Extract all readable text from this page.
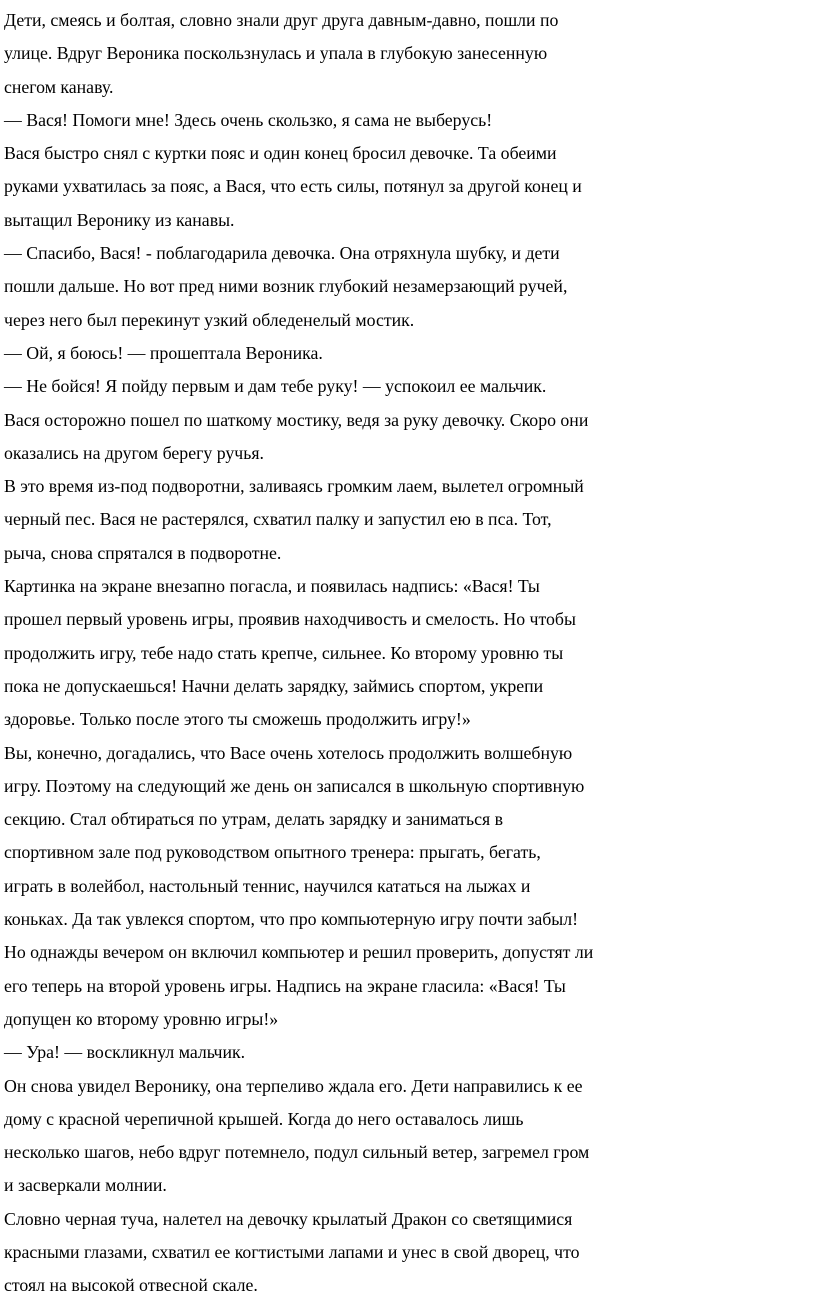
Дети, смеясь и болтая, словно знали друг друга давным-давно, пошли по
улице. Вдруг Вероника поскользнулась и упала в глубокую занесенную
снегом канаву.
— Вася! Помоги мне! Здесь очень скользко, я сама не выберусь!
Вася быстро снял с куртки пояс и один конец бросил девочке. Та обеими
руками ухватилась за пояс, а Вася, что есть силы, потянул за другой конец и
вытащил Веронику из канавы.
— Спасибо, Вася! - поблагодарила девочка. Она отряхнула шубку, и дети
пошли дальше. Но вот пред ними возник глубокий незамерзающий ручей,
через него был перекинут узкий обледенелый мостик.
— Ой, я боюсь! — прошептала Вероника.
— Не бойся! Я пойду первым и дам тебе руку! — успокоил ее мальчик.
Вася осторожно пошел по шаткому мостику, ведя за руку девочку. Скоро они
оказались на другом берегу ручья.
В это время из-под подворотни, заливаясь громким лаем, вылетел огромный
черный пес. Вася не растерялся, схватил палку и запустил ею в пса. Тот,
рыча, снова спрятался в подворотне.
Картинка на экране внезапно погасла, и появилась надпись: «Вася! Ты
прошел первый уровень игры, проявив находчивость и смелость. Но чтобы
продолжить игру, тебе надо стать крепче, сильнее. Ко второму уровню ты
пока не допускаешься! Начни делать зарядку, займись спортом, укрепи
здоровье. Только после этого ты сможешь продолжить игру!»
Вы, конечно, догадались, что Васе очень хотелось продолжить волшебную
игру. Поэтому на следующий же день он записался в школьную спортивную
секцию. Стал обтираться по утрам, делать зарядку и заниматься в
спортивном зале под руководством опытного тренера: прыгать, бегать,
играть в волейбол, настольный теннис, научился кататься на лыжах и
коньках. Да так увлекся спортом, что про компьютерную игру почти забыл!
Но однажды вечером он включил компьютер и решил проверить, допустят ли
его теперь на второй уровень игры. Надпись на экране гласила: «Вася! Ты
допущен ко второму уровню игры!»
— Ура! — воскликнул мальчик.
Он снова увидел Веронику, она терпеливо ждала его. Дети направились к ее
дому с красной черепичной крышей. Когда до него оставалось лишь
несколько шагов, небо вдруг потемнело, подул сильный ветер, загремел гром
и засверкали молнии.
Словно черная туча, налетел на девочку крылатый Дракон со светящимися
красными глазами, схватил ее когтистыми лапами и унес в свой дворец, что
стоял на высокой отвесной скале.
